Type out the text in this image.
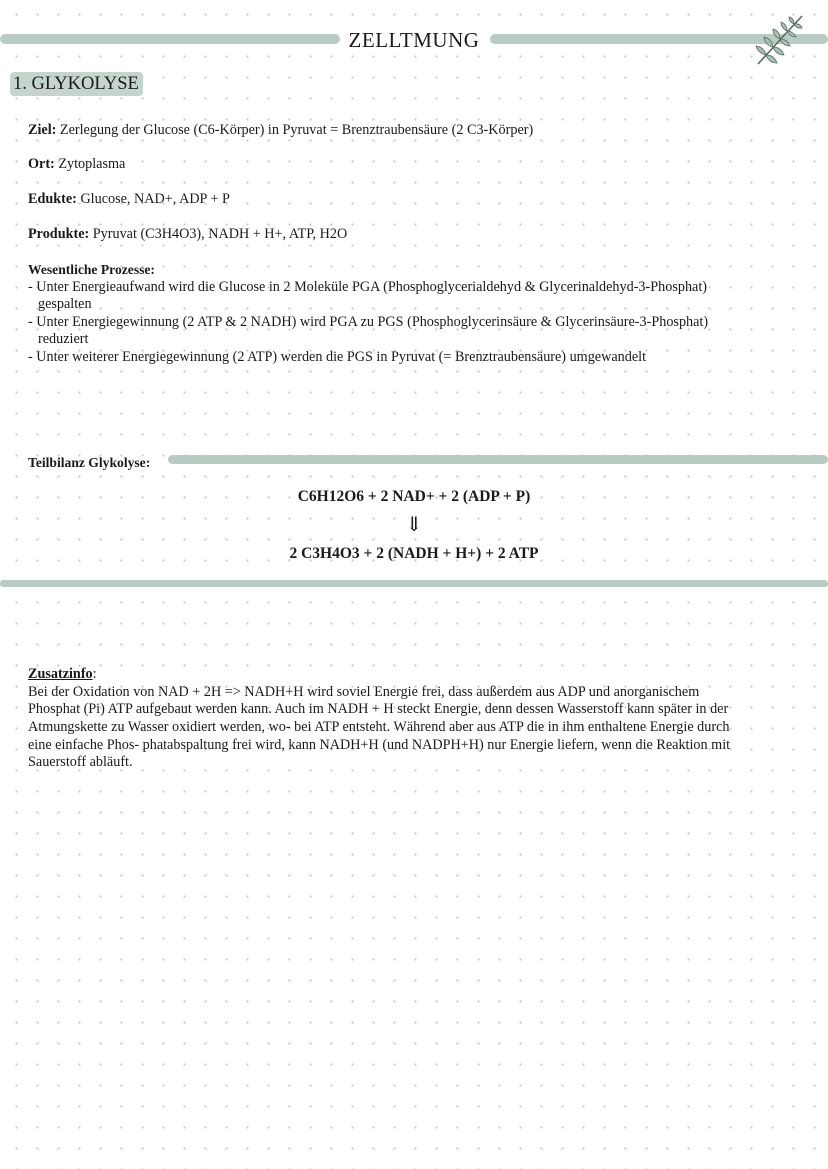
ZELLTMUNG
1. GLYKOLYSE
Ziel: Zerlegung der Glucose (C6-Körper) in Pyruvat = Brenztraubensäure (2 C3-Körper)
Ort: Zytoplasma
Edukte: Glucose, NAD+, ADP + P
Produkte: Pyruvat (C3H4O3), NADH + H+, ATP, H2O
Wesentliche Prozesse:
- Unter Energieaufwand wird die Glucose in 2 Moleküle PGA (Phosphoglycerialdehyd & Glycerinaldehyd-3-Phosphat)
gespalten
- Unter Energiegewinnung (2 ATP & 2 NADH) wird PGA zu PGS (Phosphoglycerinsäure & Glycerinsäure-3-Phosphat)
reduziert
- Unter weiterer Energiegewinnung (2 ATP) werden die PGS in Pyruvat (= Brenztraubensäure) umgewandelt
Teilbilanz Glykolyse:
C6H12O6 + 2 NAD+ + 2 (ADP + P)
⇓
2 C3H4O3 + 2 (NADH + H+) + 2 ATP
Zusatzinfo:
Bei der Oxidation von NAD + 2H => NADH+H wird soviel Energie frei, dass außerdem aus ADP und anorganischem
Phosphat (Pi) ATP aufgebaut werden kann. Auch im NADH + H steckt Energie, denn dessen Wasserstoff kann später in der
Atmungskette zu Wasser oxidiert werden, wo- bei ATP entsteht. Während aber aus ATP die in ihm enthaltene Energie durch
eine einfache Phos- phatabspaltung frei wird, kann NADH+H (und NADPH+H) nur Energie liefern, wenn die Reaktion mit
Sauerstoff abläuft.
